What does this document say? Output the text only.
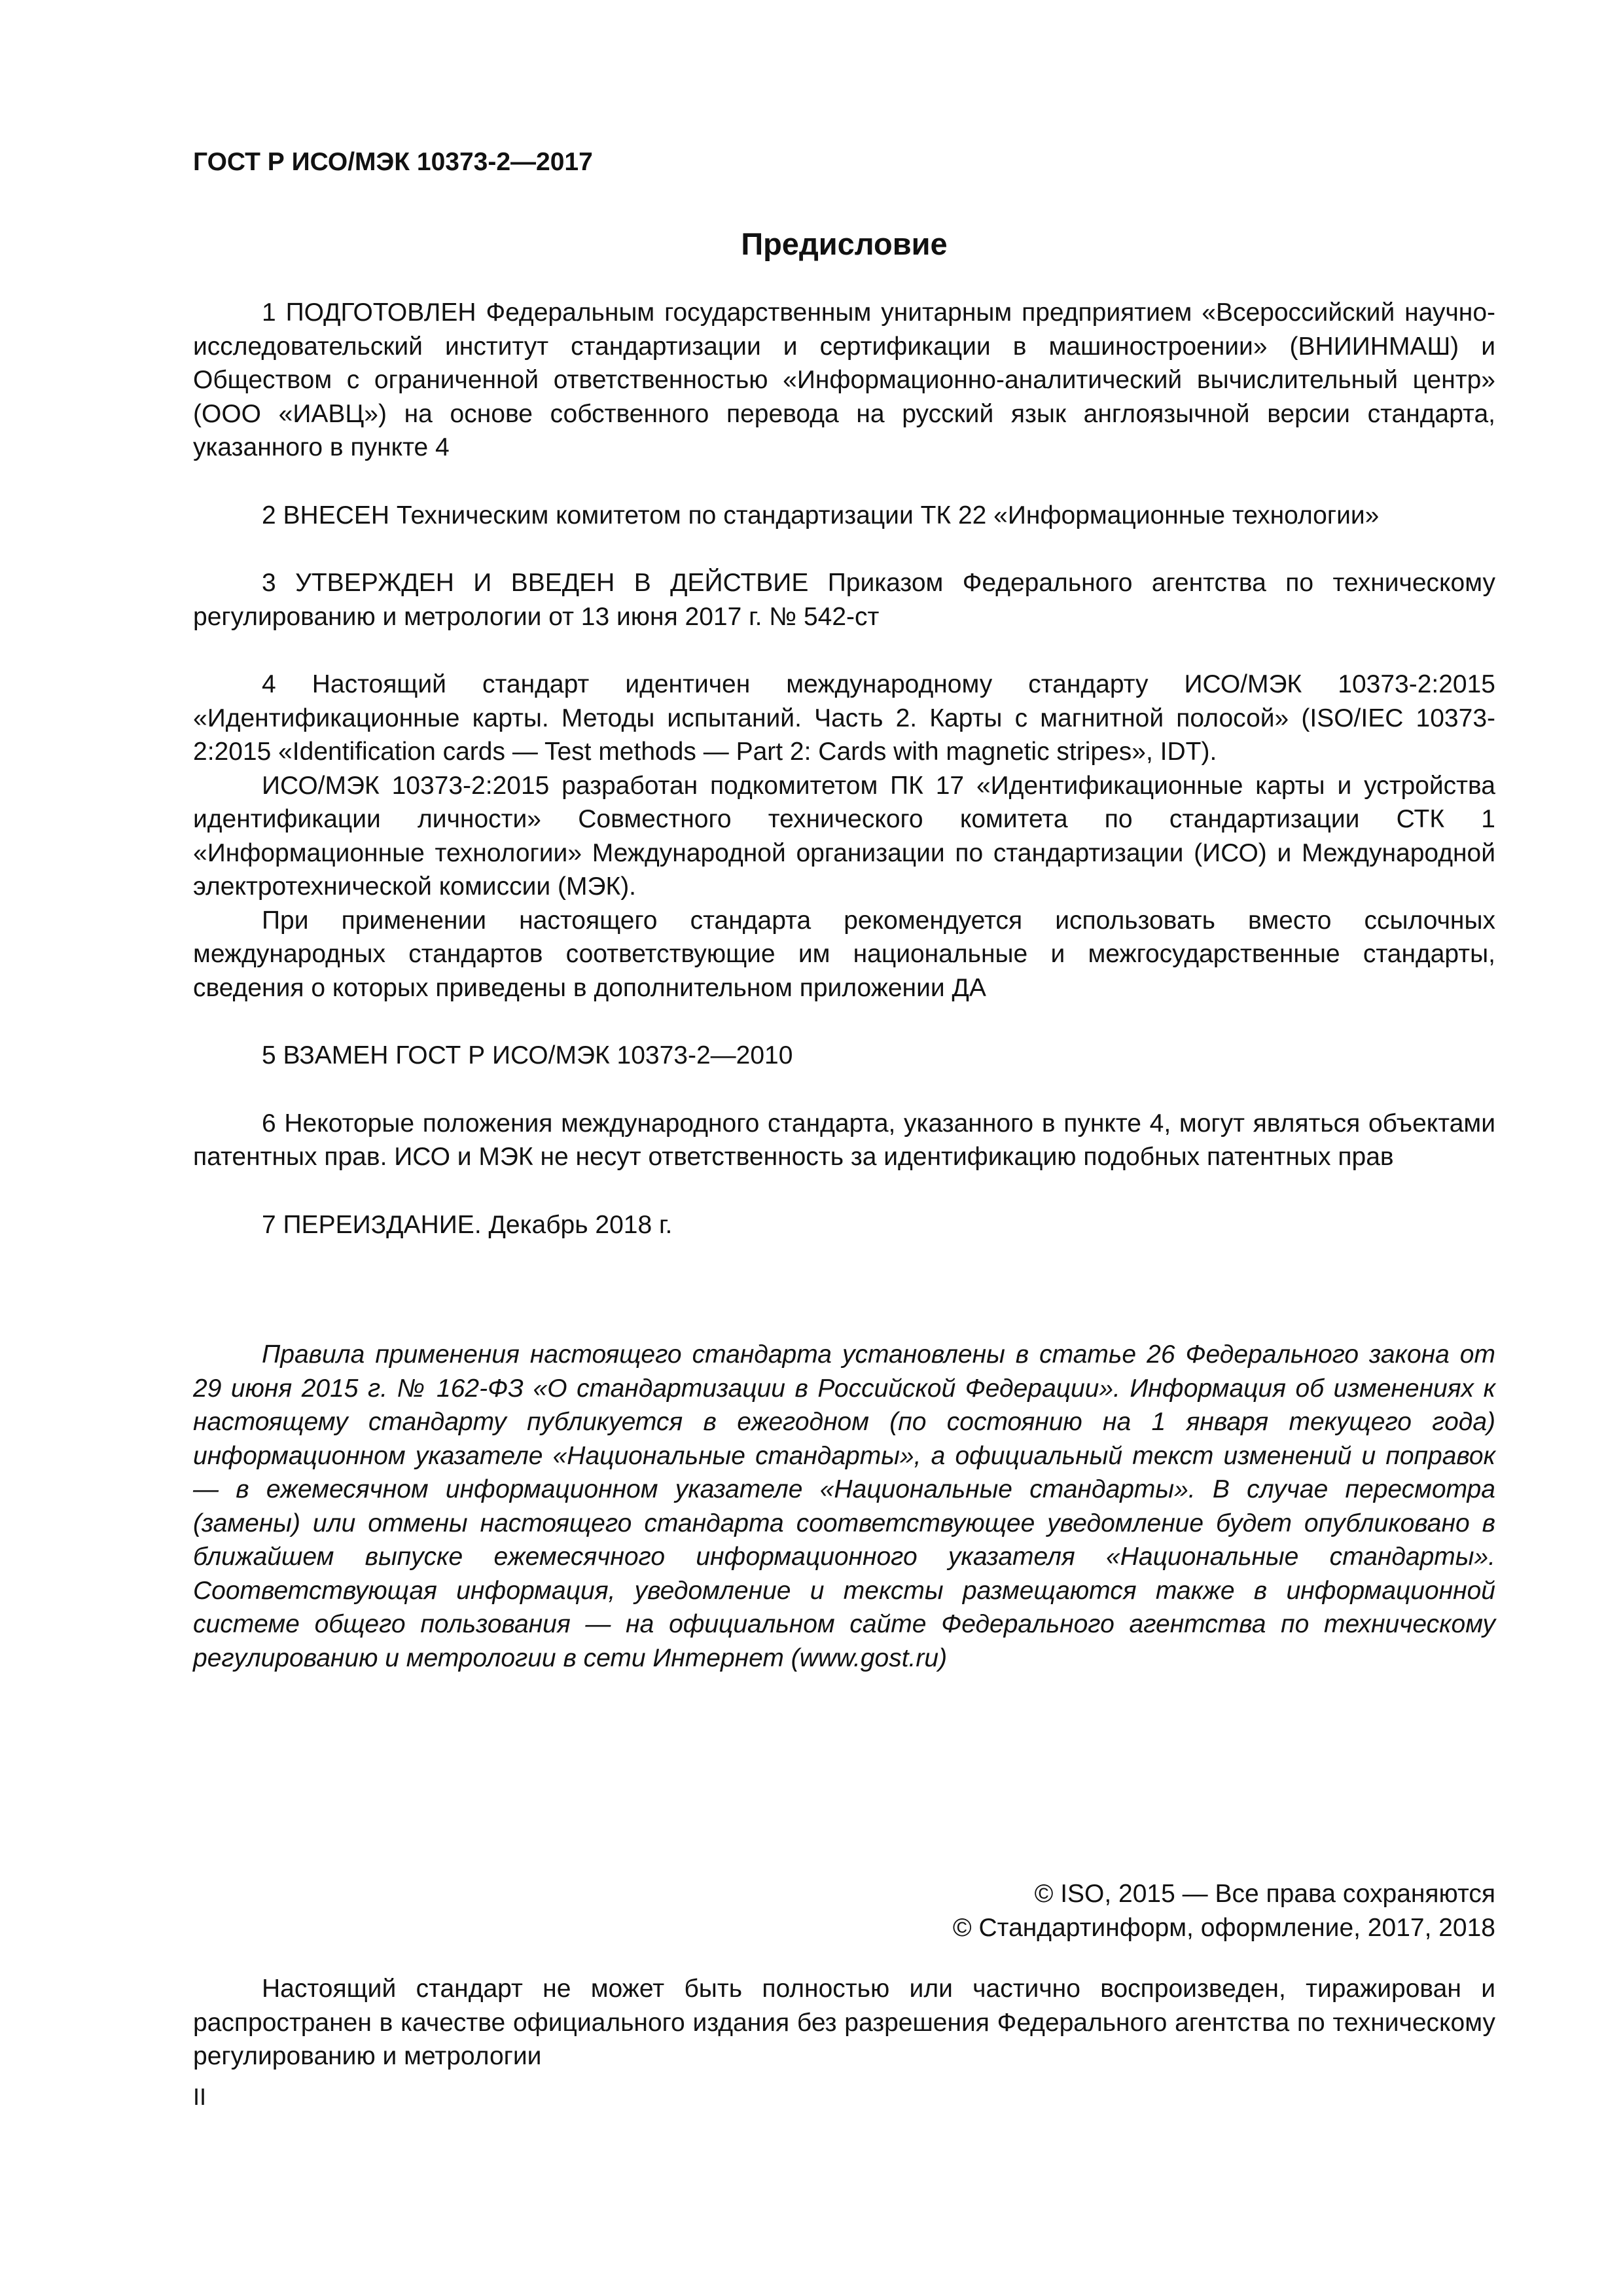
ГОСТ Р ИСО/МЭК 10373-2—2017
Предисловие

1 ПОДГОТОВЛЕН Федеральным государственным унитарным предприятием «Всероссийский научно-исследовательский институт стандартизации и сертификации в машиностроении» (ВНИИНМАШ) и Обществом с ограниченной ответственностью «Информационно-аналитический вычислительный центр» (ООО «ИАВЦ») на основе собственного перевода на русский язык англоязычной версии стандарта, указанного в пункте 4

2 ВНЕСЕН Техническим комитетом по стандартизации ТК 22 «Информационные технологии»

3 УТВЕРЖДЕН И ВВЕДЕН В ДЕЙСТВИЕ Приказом Федерального агентства по техническому регулированию и метрологии от 13 июня 2017 г. № 542-ст

4 Настоящий стандарт идентичен международному стандарту ИСО/МЭК 10373-2:2015 «Идентификационные карты. Методы испытаний. Часть 2. Карты с магнитной полосой» (ISO/IEC 10373-2:2015 «Identification cards — Test methods — Part 2: Cards with magnetic stripes», IDT).

ИСО/МЭК 10373-2:2015 разработан подкомитетом ПК 17 «Идентификационные карты и устройства идентификации личности» Совместного технического комитета по стандартизации СТК 1 «Информационные технологии» Международной организации по стандартизации (ИСО) и Международной электротехнической комиссии (МЭК).

При применении настоящего стандарта рекомендуется использовать вместо ссылочных международных стандартов соответствующие им национальные и межгосударственные стандарты, сведения о которых приведены в дополнительном приложении ДА

5 ВЗАМЕН ГОСТ Р ИСО/МЭК 10373-2—2010

6 Некоторые положения международного стандарта, указанного в пункте 4, могут являться объектами патентных прав. ИСО и МЭК не несут ответственность за идентификацию подобных патентных прав

7 ПЕРЕИЗДАНИЕ. Декабрь 2018 г.

Правила применения настоящего стандарта установлены в статье 26 Федерального закона от 29 июня 2015 г. № 162-ФЗ «О стандартизации в Российской Федерации». Информация об изменениях к настоящему стандарту публикуется в ежегодном (по состоянию на 1 января текущего года) информационном указателе «Национальные стандарты», а официальный текст изменений и поправок — в ежемесячном информационном указателе «Национальные стандарты». В случае пересмотра (замены) или отмены настоящего стандарта соответствующее уведомление будет опубликовано в ближайшем выпуске ежемесячного информационного указателя «Национальные стандарты». Соответствующая информация, уведомление и тексты размещаются также в информационной системе общего пользования — на официальном сайте Федерального агентства по техническому регулированию и метрологии в сети Интернет (www.gost.ru)

© ISO, 2015 — Все права сохраняются
© Стандартинформ, оформление, 2017, 2018

Настоящий стандарт не может быть полностью или частично воспроизведен, тиражирован и распространен в качестве официального издания без разрешения Федерального агентства по техническому регулированию и метрологии

II
